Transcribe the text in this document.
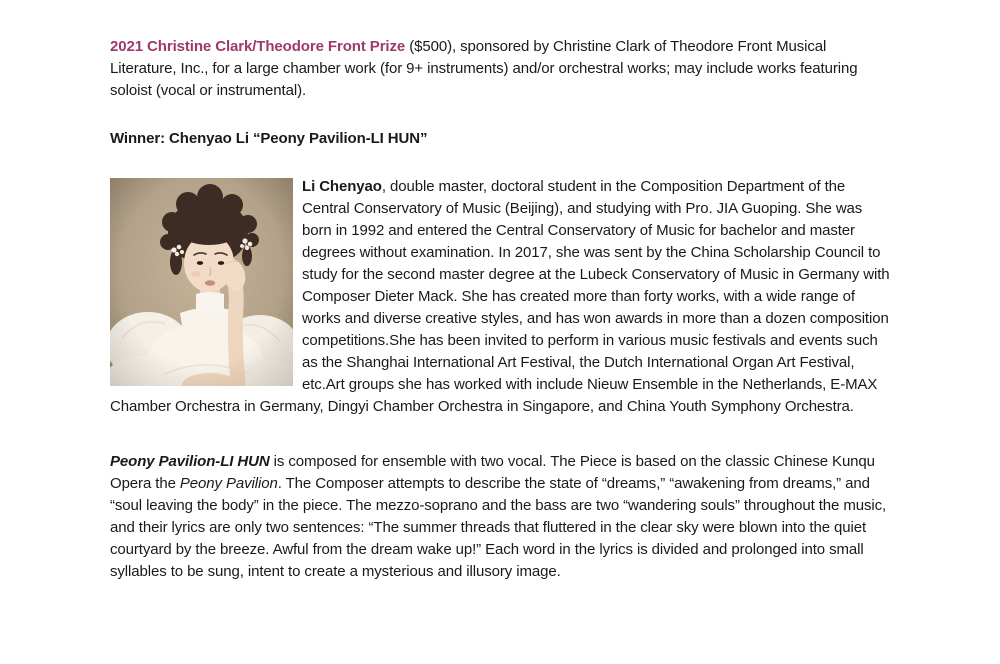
2021 Christine Clark/Theodore Front Prize ($500), sponsored by Christine Clark of Theodore Front Musical Literature, Inc., for a large chamber work (for 9+ instruments) and/or orchestral works; may include works featuring soloist (vocal or instrumental).

Winner: Chenyao Li “Peony Pavilion-LI HUN”

Li Chenyao, double master, doctoral student in the Composition Department of the Central Conservatory of Music (Beijing), and studying with Pro. JIA Guoping. She was born in 1992 and entered the Central Conservatory of Music for bachelor and master degrees without examination. In 2017, she was sent by the China Scholarship Council to study for the second master degree at the Lubeck Conservatory of Music in Germany with Composer Dieter Mack. She has created more than forty works, with a wide range of works and diverse creative styles, and has won awards in more than a dozen composition competitions.She has been invited to perform in various music festivals and events such as the Shanghai International Art Festival, the Dutch International Organ Art Festival, etc.Art groups she has worked with include Nieuw Ensemble in the Netherlands, E-MAX Chamber Orchestra in Germany, Dingyi Chamber Orchestra in Singapore, and China Youth Symphony Orchestra.

Peony Pavilion-LI HUN is composed for ensemble with two vocal. The Piece is based on the classic Chinese Kunqu Opera the Peony Pavilion. The Composer attempts to describe the state of “dreams,” “awakening from dreams,” and “soul leaving the body” in the piece. The mezzo-soprano and the bass are two “wandering souls” throughout the music, and their lyrics are only two sentences: “The summer threads that fluttered in the clear sky were blown into the quiet courtyard by the breeze. Awful from the dream wake up!” Each word in the lyrics is divided and prolonged into small syllables to be sung, intent to create a mysterious and illusory image.
